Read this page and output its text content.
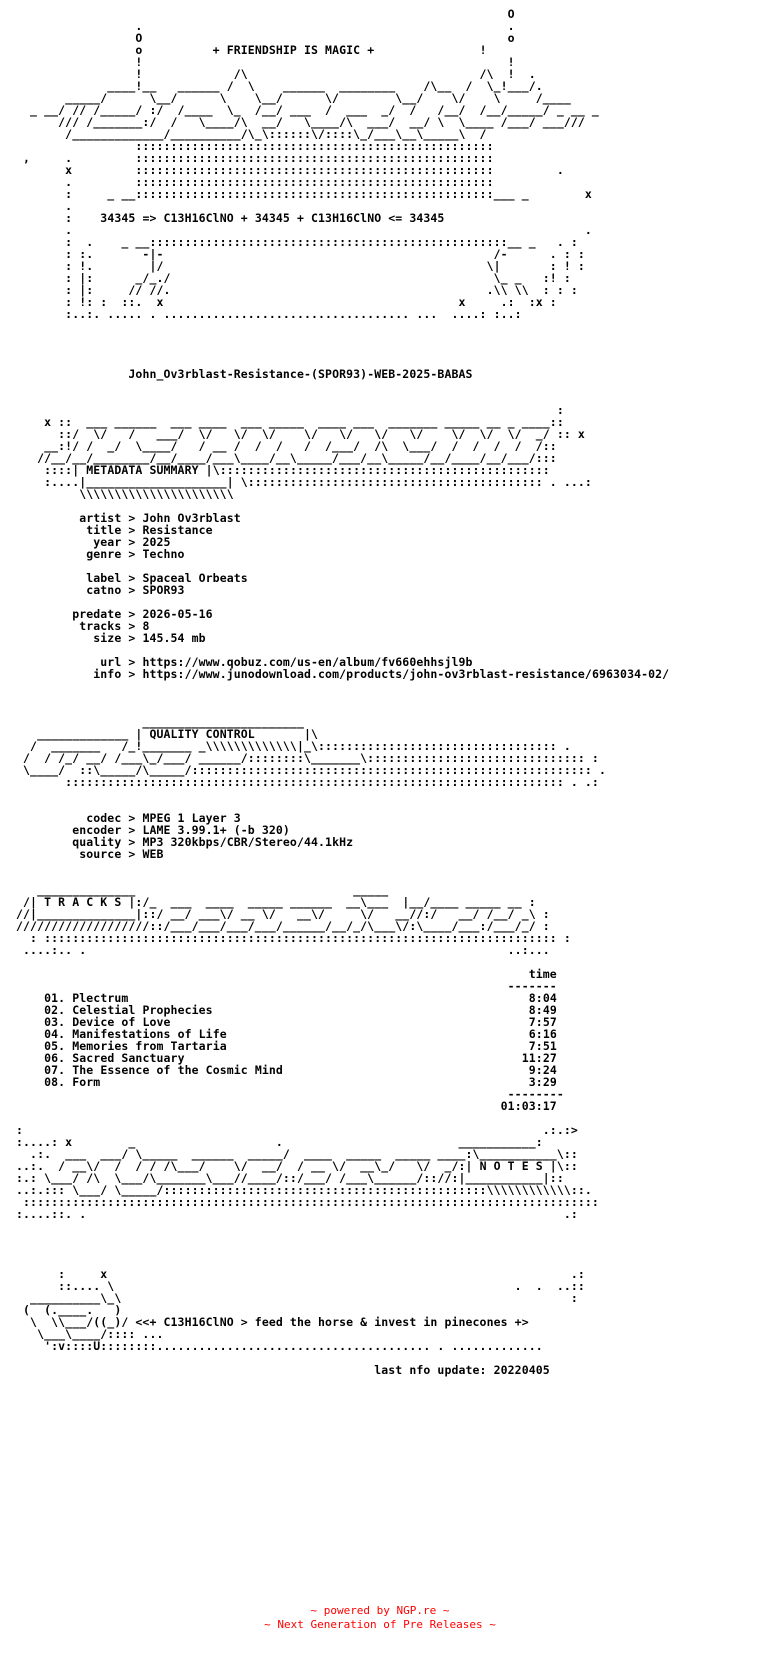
O
.                                                    .
O                                                    o
o          + FRIENDSHIP IS MAGIC +	!
!                                                    !
!             /\                                 /\  !  .
____!__   ______ /  \    ______  ________    /\__  /  \_!___/.
_____/      \__/      \    \__/      \/        \__/    \/    \     /____
_ __/ // /_____/ :/  /____  \_  /__/ ___  /  ___  _/  /   /__/  /__/_____/ _ __ _
/// /_______:/  /   \____/\  __/   \____/\  ___/  __/ \  \____ /___/ ___///
/_____________/__________/\_\::::::\/::::\_/___\__\_____\  /
:::::::::::::::::::::::::::::::::::::::::::::::::::
,     .         :::::::::::::::::::::::::::::::::::::::::::::::::::
x         :::::::::::::::::::::::::::::::::::::::::::::::::::         .
.         :::::::::::::::::::::::::::::::::::::::::::::::::::
:     _ __:::::::::::::::::::::::::::::::::::::::::::::::::::___ _        x
.
:    34345 => C13H16ClNO + 34345 + C13H16ClNO <= 34345
.                                                                         .
:  .    _ __:::::::::::::::::::::::::::::::::::::::::::::::::::__ _   . :
: :.       -|-                                               /-      . : :
: !.        |/                                              \|       : ! :
: |:      _/_./                                              \_ _   :! :
: |:     // //.                                             .\\ \\  : : :
: !: :  ::.  x                                          x     .:  :x :
:..:. ..... . ................................... ...  ....: :..:

John_Ov3rblast-Resistance-(SPOR93)-WEB-2025-BABAS

:
x ::  ___ ______  ___ ____  ___ _____  ____ ___  _______ _____ __ _ ____::
::/  \/   /   ___/  \/   \/  \/    \/   \/   \/   \/    \/  \/  \/  _/ :: x
__:!/ /  _/  \____/   / __ /  /  /   /  /___/  /\  \___/  /  /  /  /  /::
//__/__/________/__/____/___\____/__\_____/___/__\_____/__/____/__/___/:::
::::| METADATA SUMMARY |\:::::::::::::::::::::::::::::::::::::::::::::::
:....|____________________| \:::::::::::::::::::::::::::::::::::::::::: . ...:
\\\\\\\\\\\\\\\\\\\\\\

artist > John Ov3rblast
title > Resistance
year > 2025
genre > Techno

label > Spaceal Orbeats
catno > SPOR93

predate > 2026-05-16
tracks > 8
size > 145.54 mb

url > https://www.qobuz.com/us-en/album/fv660ehhsjl9b
info > https://www.junodownload.com/products/john-ov3rblast-resistance/6963034-02/

_______________________
_____________ | QUALITY CONTROL	|\
/  _______   /_!_______ _\\\\\\\\\\\\\|_\:::::::::::::::::::::::::::::::::: .
/  / /_/ __/ /___\_/___/ ______/::::::::\_______\::::::::::::::::::::::::::::::: :
\____/  ::\_____/\_____/::::::::::::::::::::::::::::::::::::::::::::::::::::::::: .
::::::::::::::::::::::::::::::::::::::::::::::::::::::::::::::::::::::: . .:

codec > MPEG 1 Layer 3
encoder > LAME 3.99.1+ (-b 320)
quality > MP3 320kbps/CBR/Stereo/44.1kHz
source > WEB

______________                               _____
/| T R A C K S |:/_  ___  ____  _____ ______  __\___  |__/____ _____ __ :
//|______________|::/ __/ ___\/ __ \/   __\/     \/   __//:/   __/ /__/ _\ :
///////////////////::/___/___/___/___/______/__/_/\___\/:\____/___:/___/_/ :
: ::::::::::::::::::::::::::::::::::::::::::::::::::::::::::::::::::::::::: :
....:.. .                                                            ..:...

time
-------
01. Plectrum	8:04
02. Celestial Prophecies	8:49
03. Device of Love	7:57
04. Manifestations of Life	6:16
05. Memories from Tartaria	7:51
06. Sacred Sanctuary	11:27
07. The Essence of the Cosmic Mind	9:24
08. Form	3:29
--------
01:03:17

:                                                                          .:.:>
:....: x        _                    .                         ___________:
.:.  ___  ___/ \_____  ______  _____/  ____  _____  _____ ____:\___________\::
..:.  / __\/  /  / / /\___/    \/  __/  / __ \/  __\_/   \/  _/:| N O T E S |\::
:.: \___/ /\  \___/\_______\___//____/::/___/ /___\______/:://:|___________|::
..:.::: \___/ \_____/::::::::::::::::::::::::::::::::::::::::::::::\\\\\\\\\\\\::.
::::::::::::::::::::::::::::::::::::::::::::::::::::::::::::::::::::::::::::::::::
:....::. .                                                                    .:

:     x                                                                  .:
::.... \                                                         .  .  ..::
__________\_\                                                                :
(  (.____.   )
\  \\___/((_)/ <<+ C13H16ClNO > feed the horse & invest in pinecones +>
\___\____/:::: ...
':v::::U::::::::....................................... . .............

last nfo update: 20220405

~ powered by NGP.re ~
~ Next Generation of Pre Releases ~
